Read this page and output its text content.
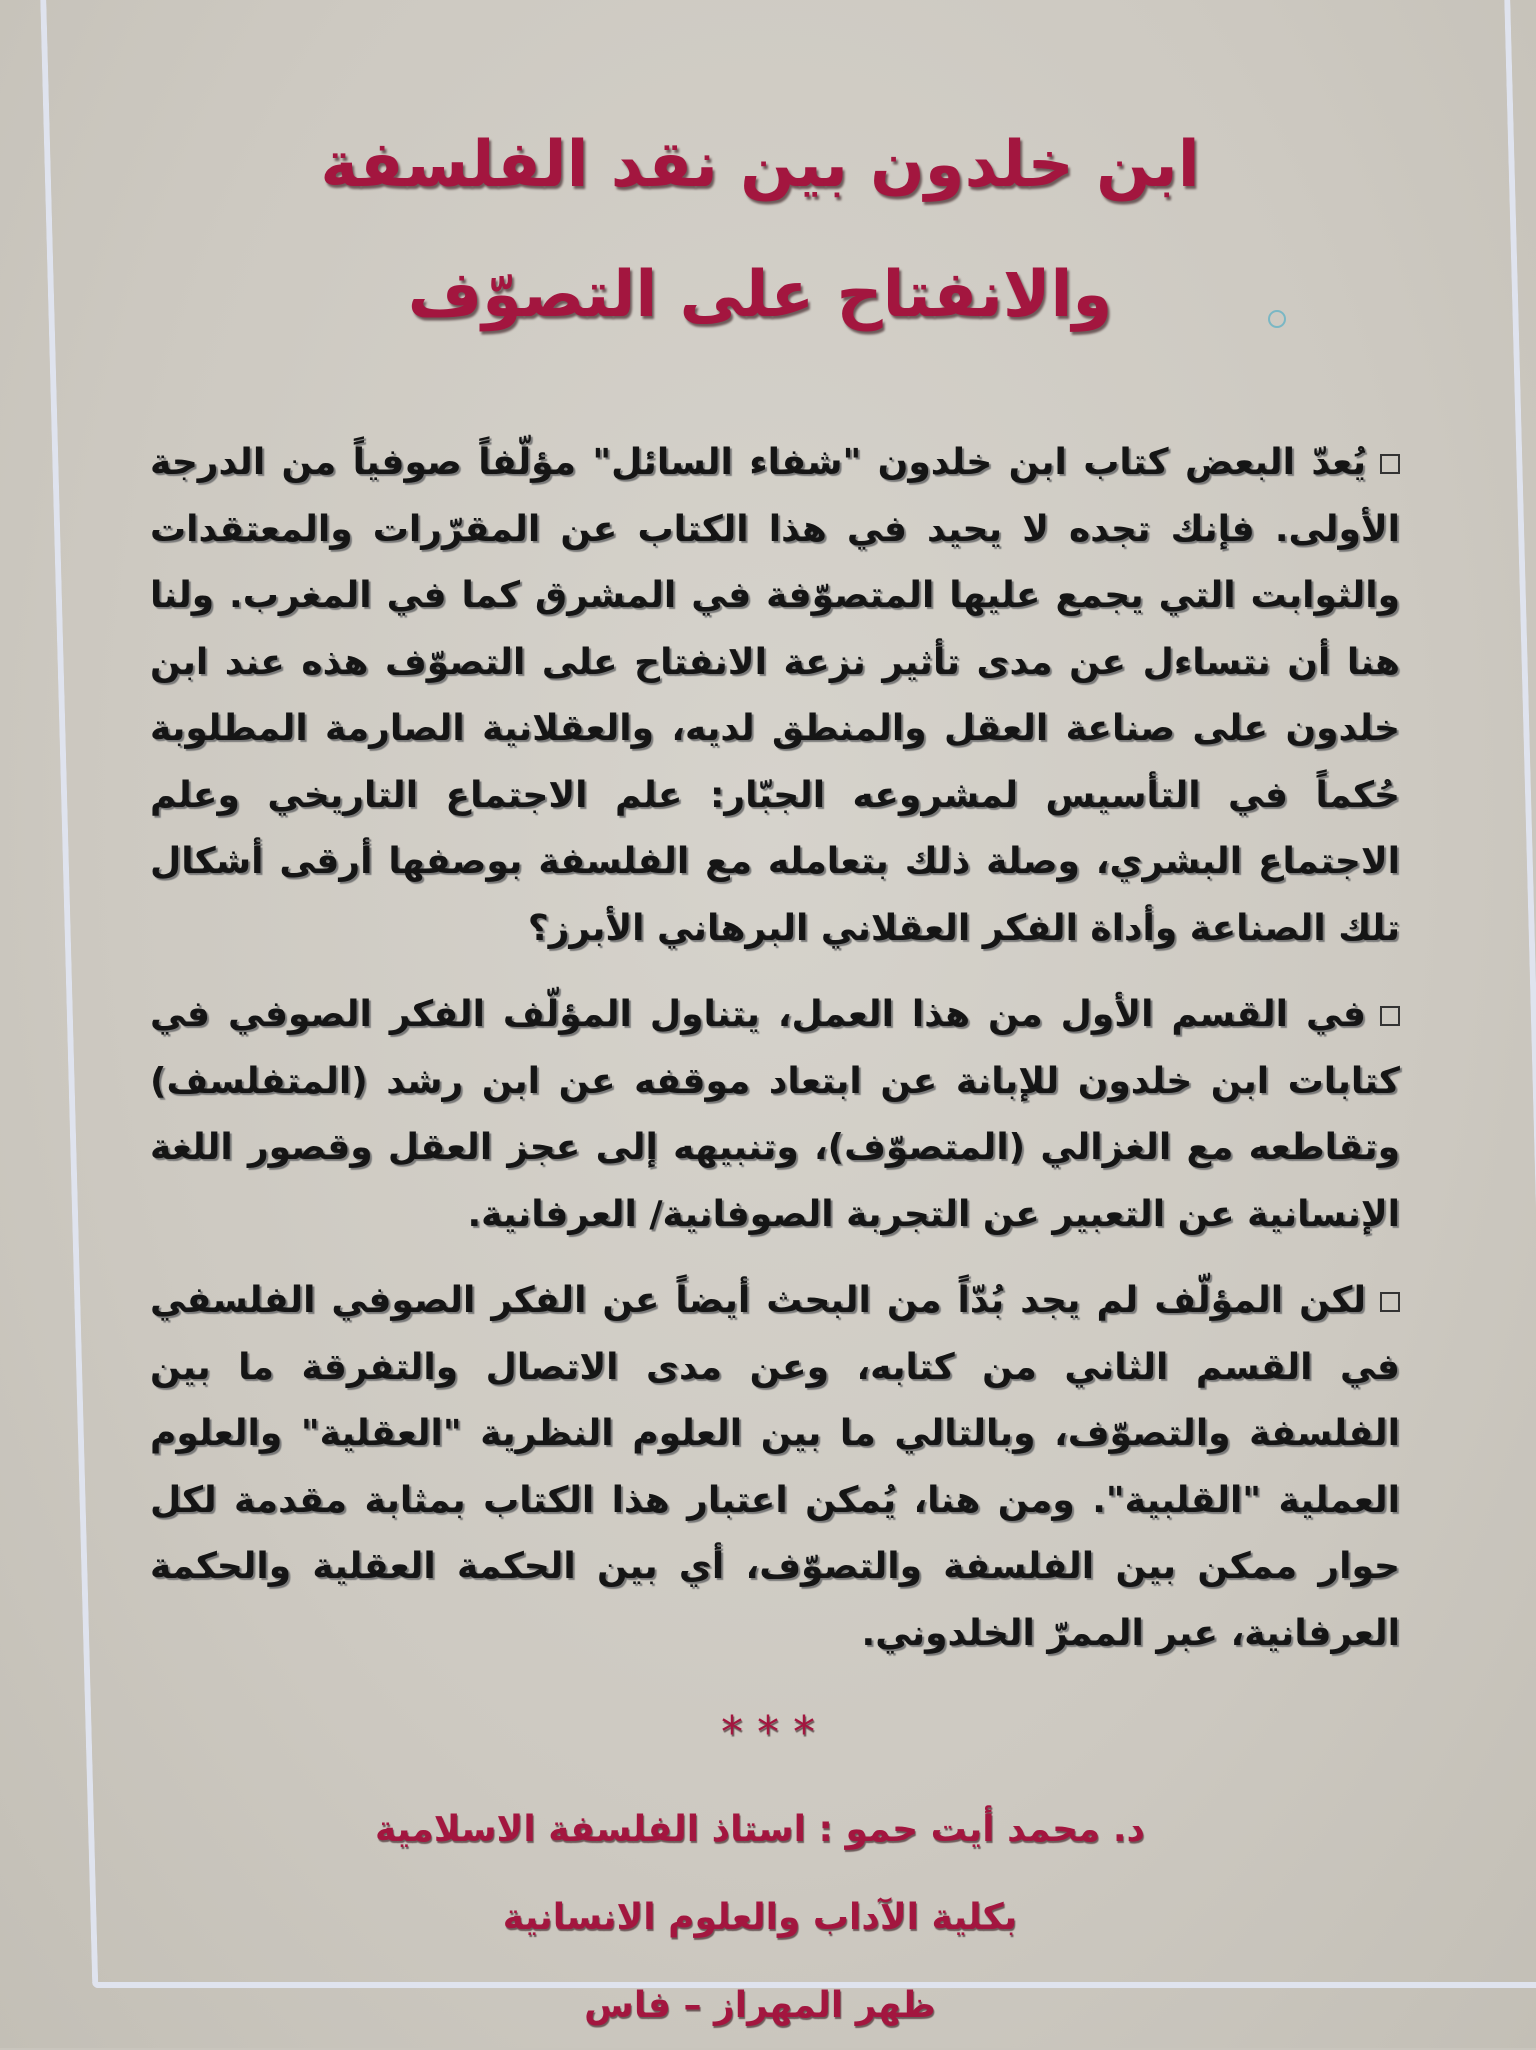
ابن خلدون بين نقد الفلسفة
والانفتاح على التصوّف

يُعدّ البعض كتاب ابن خلدون "شفاء السائل" مؤلّفاً صوفياً من الدرجة الأولى. فإنك تجده لا يحيد في هذا الكتاب عن المقرّرات والمعتقدات والثوابت التي يجمع عليها المتصوّفة في المشرق كما في المغرب. ولنا هنا أن نتساءل عن مدى تأثير نزعة الانفتاح على التصوّف هذه عند ابن خلدون على صناعة العقل والمنطق لديه، والعقلانية الصارمة المطلوبة حُكماً في التأسيس لمشروعه الجبّار: علم الاجتماع التاريخي وعلم الاجتماع البشري، وصلة ذلك بتعامله مع الفلسفة بوصفها أرقى أشكال تلك الصناعة وأداة الفكر العقلاني البرهاني الأبرز؟

في القسم الأول من هذا العمل، يتناول المؤلّف الفكر الصوفي في كتابات ابن خلدون للإبانة عن ابتعاد موقفه عن ابن رشد (المتفلسف) وتقاطعه مع الغزالي (المتصوّف)، وتنبيهه إلى عجز العقل وقصور اللغة الإنسانية عن التعبير عن التجربة الصوفانية/ العرفانية.

لكن المؤلّف لم يجد بُدّاً من البحث أيضاً عن الفكر الصوفي الفلسفي في القسم الثاني من كتابه، وعن مدى الاتصال والتفرقة ما بين الفلسفة والتصوّف، وبالتالي ما بين العلوم النظرية "العقلية" والعلوم العملية "القلبية". ومن هنا، يُمكن اعتبار هذا الكتاب بمثابة مقدمة لكل حوار ممكن بين الفلسفة والتصوّف، أي بين الحكمة العقلية والحكمة العرفانية، عبر الممرّ الخلدوني.

***
د. محمد أيت حمو : استاذ الفلسفة الاسلامية
بكلية الآداب والعلوم الانسانية
ظهر المهراز – فاس
